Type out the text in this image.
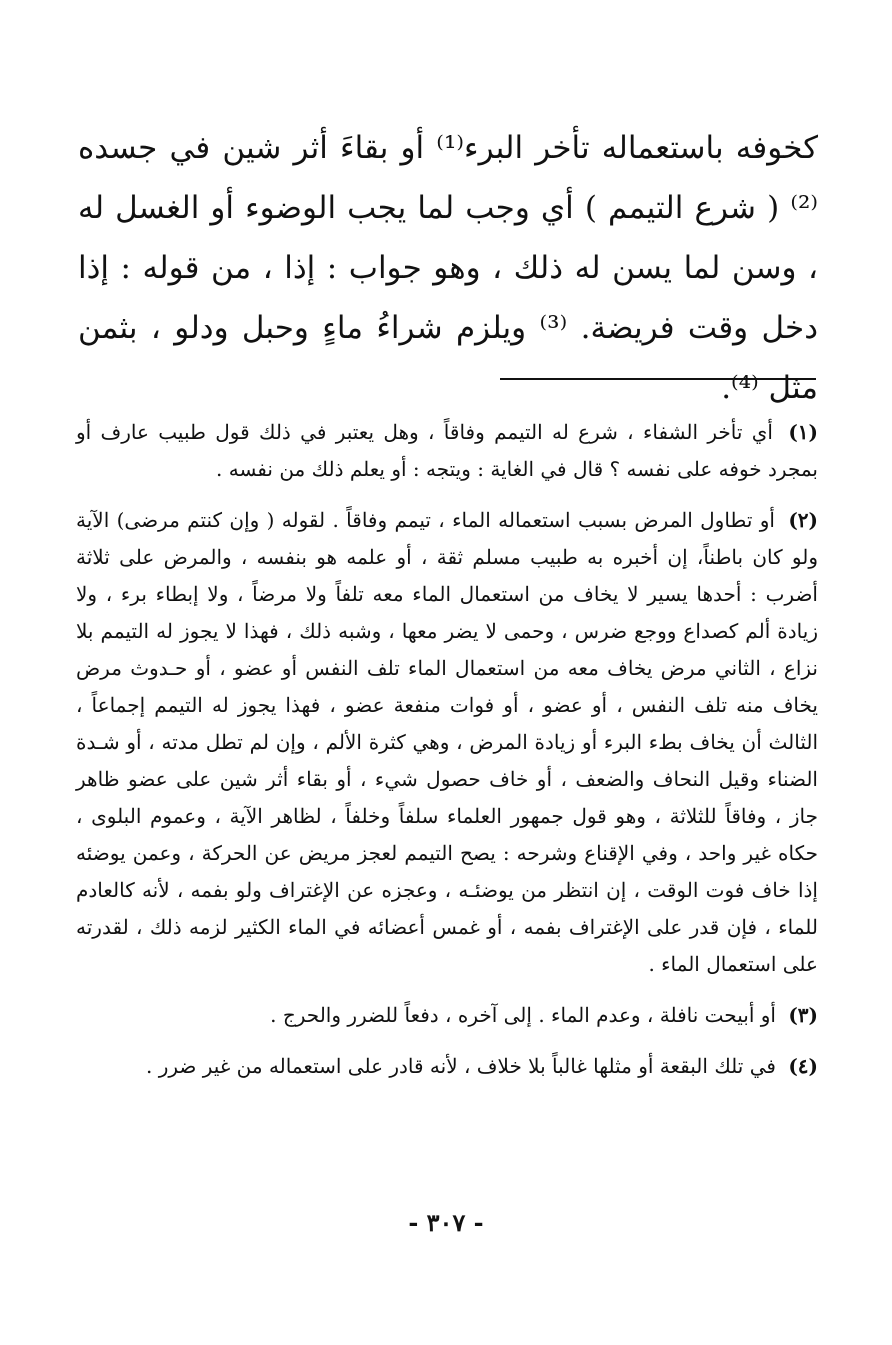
كخوفه باستعماله تأخر البرء⁽¹⁾ أو بقاءَ أثر شين في جسده ⁽²⁾ ( شرع التيمم ) أي وجب لما يجب الوضوء أو الغسل له ، وسن لما يسن له ذلك ، وهو جواب : إذا ، من قوله : إذا دخل وقت فريضة. ⁽³⁾ ويلزم شراءُ ماءٍ وحبل ودلو ، بثمن مثل ⁽⁴⁾.

(١) أي تأخر الشفاء ، شرع له التيمم وفاقاً ، وهل يعتبر في ذلك قول طبيب عارف أو بمجرد خوفه على نفسه ؟ قال في الغاية : ويتجه : أو يعلم ذلك من نفسه .

(٢) أو تطاول المرض بسبب استعماله الماء ، تيمم وفاقاً . لقوله ( وإن كنتم مرضى) الآية ولو كان باطناً، إن أخبره به طبيب مسلم ثقة ، أو علمه هو بنفسه ، والمرض على ثلاثة أضرب : أحدها يسير لا يخاف من استعمال الماء معه تلفاً ولا مرضاً ، ولا إبطاء برء ، ولا زيادة ألم كصداع ووجع ضرس ، وحمى لا يضر معها ، وشبه ذلك ، فهذا لا يجوز له التيمم بلا نزاع ، الثاني مرض يخاف معه من استعمال الماء تلف النفس أو عضو ، أو حـدوث مرض يخاف منه تلف النفس ، أو عضو ، أو فوات منفعة عضو ، فهذا يجوز له التيمم إجماعاً ، الثالث أن يخاف بطء البرء أو زيادة المرض ، وهي كثرة الألم ، وإن لم تطل مدته ، أو شـدة الضناء وقيل النحاف والضعف ، أو خاف حصول شيء ، أو بقاء أثر شين على عضو ظاهر جاز ، وفاقاً للثلاثة ، وهو قول جمهور العلماء سلفاً وخلفاً ، لظاهر الآية ، وعموم البلوى ، حكاه غير واحد ، وفي الإقناع وشرحه : يصح التيمم لعجز مريض عن الحركة ، وعمن يوضئه إذا خاف فوت الوقت ، إن انتظر من يوضئـه ، وعجزه عن الإغتراف ولو بفمه ، لأنه كالعادم للماء ، فإن قدر على الإغتراف بفمه ، أو غمس أعضائه في الماء الكثير لزمه ذلك ، لقدرته على استعمال الماء .

(٣) أو أبيحت نافلة ، وعدم الماء . إلى آخره ، دفعاً للضرر والحرج .

(٤) في تلك البقعة أو مثلها غالباً بلا خلاف ، لأنه قادر على استعماله من غير ضرر .

- ٣٠٧ -
